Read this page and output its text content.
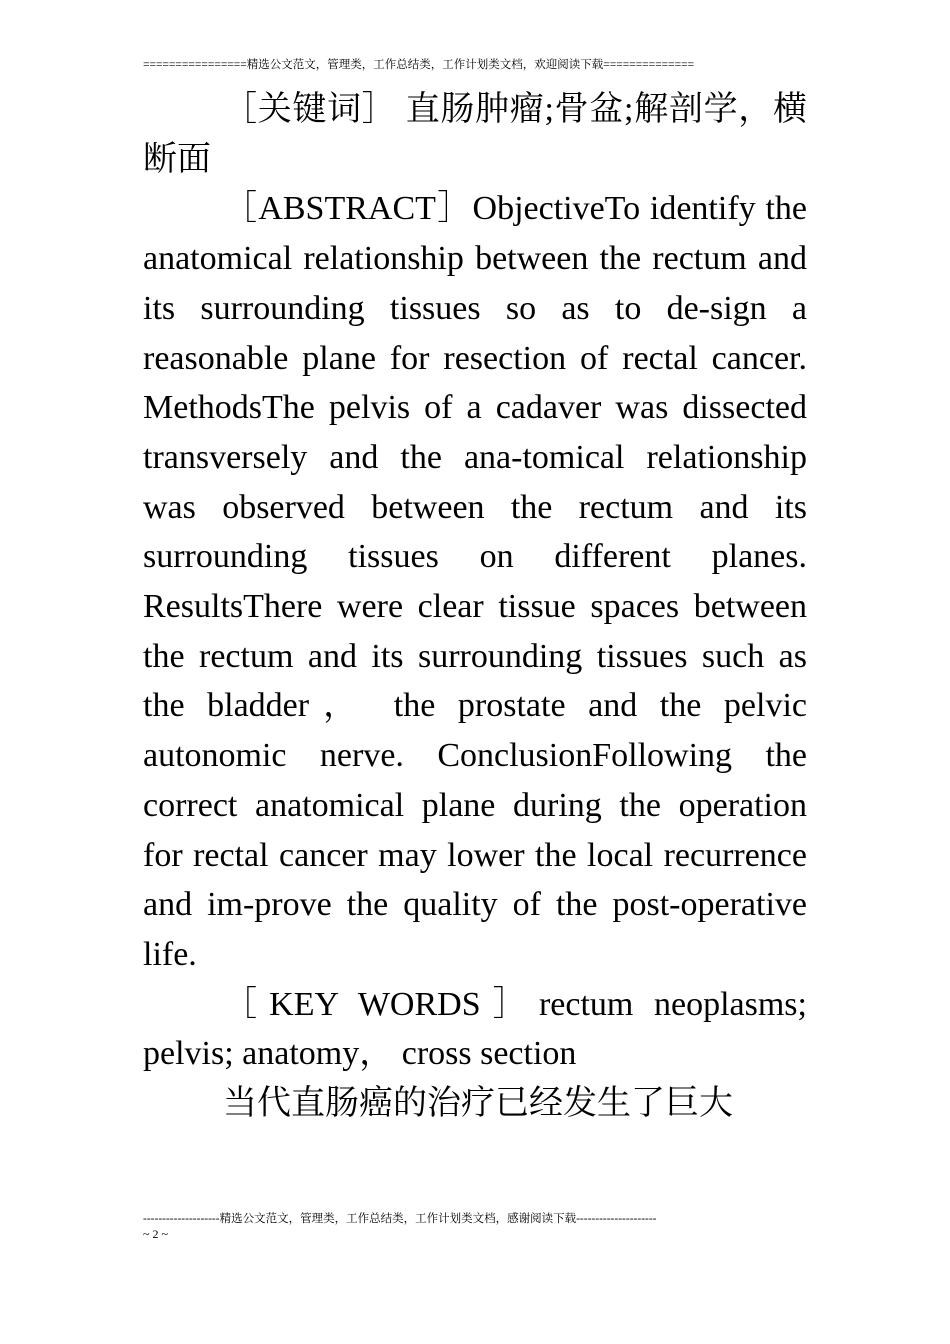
================精选公文范文，管理类，工作总结类，工作计划类文档，欢迎阅读下载==============

［关键词］ 直肠肿瘤;骨盆;解剖学，横断面

［ABSTRACT］ObjectiveTo identify the anatomical relationship between the rectum and its surrounding tissues so as to de-sign a reasonable plane for resection of rectal cancer. MethodsThe pelvis of a cadaver was dissected transversely and the ana-tomical relationship was observed between the rectum and its surrounding tissues on different planes. ResultsThere were clear tissue spaces between the rectum and its surrounding tissues such as the bladder， the prostate and the pelvic autonomic nerve. ConclusionFollowing the correct anatomical plane during the operation for rectal cancer may lower the local recurrence and im-prove the quality of the post-operative life.

［KEY WORDS］rectum neoplasms; pelvis; anatomy， cross section

当代直肠癌的治疗已经发生了巨大

--------------------精选公文范文，管理类，工作总结类，工作计划类文档，感谢阅读下载---------------------
~ 2 ~
